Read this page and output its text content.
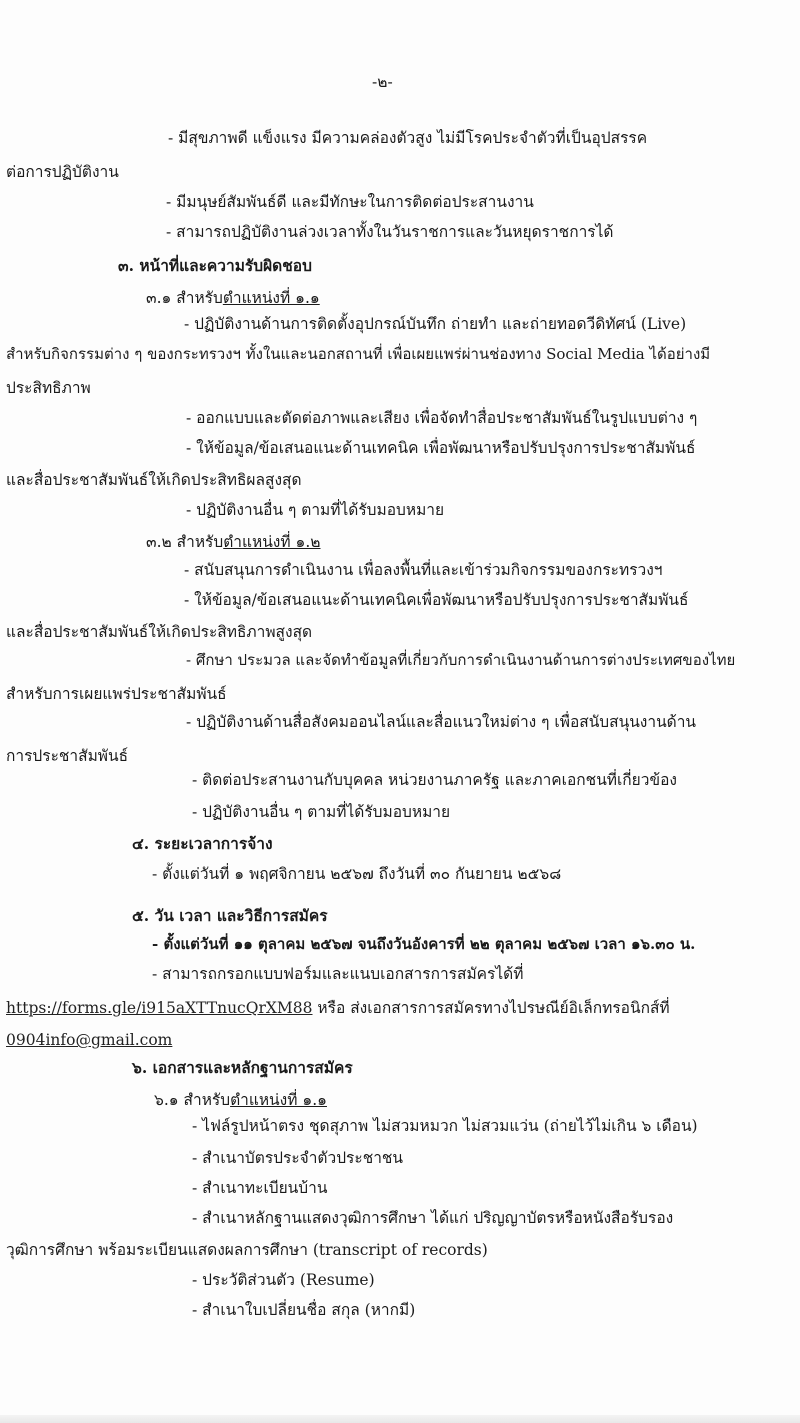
-๒-
- มีสุขภาพดี แข็งแรง มีความคล่องตัวสูง ไม่มีโรคประจำตัวที่เป็นอุปสรรค
ต่อการปฏิบัติงาน
- มีมนุษย์สัมพันธ์ดี และมีทักษะในการติดต่อประสานงาน
- สามารถปฏิบัติงานล่วงเวลาทั้งในวันราชการและวันหยุดราชการได้
๓. หน้าที่และความรับผิดชอบ
๓.๑ สำหรับตำแหน่งที่ ๑.๑
- ปฏิบัติงานด้านการติดตั้งอุปกรณ์บันทึก ถ่ายทำ และถ่ายทอดวีดิทัศน์ (Live)
สำหรับกิจกรรมต่าง ๆ ของกระทรวงฯ ทั้งในและนอกสถานที่ เพื่อเผยแพร่ผ่านช่องทาง Social Media ได้อย่างมี
ประสิทธิภาพ
- ออกแบบและตัดต่อภาพและเสียง เพื่อจัดทำสื่อประชาสัมพันธ์ในรูปแบบต่าง ๆ
- ให้ข้อมูล/ข้อเสนอแนะด้านเทคนิค เพื่อพัฒนาหรือปรับปรุงการประชาสัมพันธ์
และสื่อประชาสัมพันธ์ให้เกิดประสิทธิผลสูงสุด
- ปฏิบัติงานอื่น ๆ ตามที่ได้รับมอบหมาย
๓.๒ สำหรับตำแหน่งที่ ๑.๒
- สนับสนุนการดำเนินงาน เพื่อลงพื้นที่และเข้าร่วมกิจกรรมของกระทรวงฯ
- ให้ข้อมูล/ข้อเสนอแนะด้านเทคนิคเพื่อพัฒนาหรือปรับปรุงการประชาสัมพันธ์
และสื่อประชาสัมพันธ์ให้เกิดประสิทธิภาพสูงสุด
- ศึกษา ประมวล และจัดทำข้อมูลที่เกี่ยวกับการดำเนินงานด้านการต่างประเทศของไทย
สำหรับการเผยแพร่ประชาสัมพันธ์
- ปฏิบัติงานด้านสื่อสังคมออนไลน์และสื่อแนวใหม่ต่าง ๆ เพื่อสนับสนุนงานด้าน
การประชาสัมพันธ์
- ติดต่อประสานงานกับบุคคล หน่วยงานภาครัฐ และภาคเอกชนที่เกี่ยวข้อง
- ปฏิบัติงานอื่น ๆ ตามที่ได้รับมอบหมาย
๔. ระยะเวลาการจ้าง
- ตั้งแต่วันที่ ๑ พฤศจิกายน ๒๕๖๗ ถึงวันที่ ๓๐ กันยายน ๒๕๖๘
๕. วัน เวลา และวิธีการสมัคร
- ตั้งแต่วันที่ ๑๑ ตุลาคม ๒๕๖๗ จนถึงวันอังคารที่ ๒๒ ตุลาคม ๒๕๖๗ เวลา ๑๖.๓๐ น.
- สามารถกรอกแบบฟอร์มและแนบเอกสารการสมัครได้ที่
https://forms.gle/i915aXTTnucQrXM88 หรือ ส่งเอกสารการสมัครทางไปรษณีย์อิเล็กทรอนิกส์ที่
0904info@gmail.com
๖. เอกสารและหลักฐานการสมัคร
๖.๑ สำหรับตำแหน่งที่ ๑.๑
- ไฟล์รูปหน้าตรง ชุดสุภาพ ไม่สวมหมวก ไม่สวมแว่น (ถ่ายไว้ไม่เกิน ๖ เดือน)
- สำเนาบัตรประจำตัวประชาชน
- สำเนาทะเบียนบ้าน
- สำเนาหลักฐานแสดงวุฒิการศึกษา ได้แก่ ปริญญาบัตรหรือหนังสือรับรอง
วุฒิการศึกษา พร้อมระเบียนแสดงผลการศึกษา (transcript of records)
- ประวัติส่วนตัว (Resume)
- สำเนาใบเปลี่ยนชื่อ สกุล (หากมี)
